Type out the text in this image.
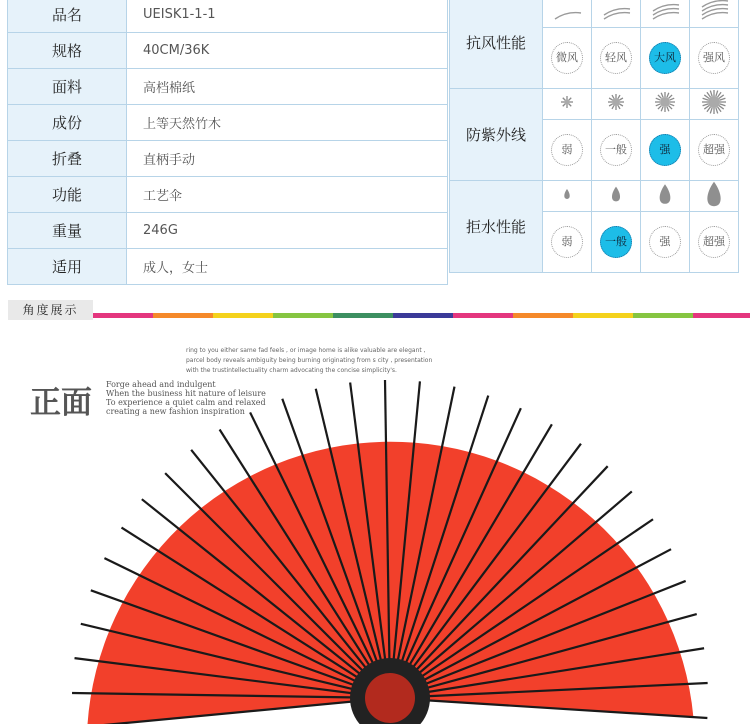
品名	UEISK1-1-1
规格	40CM/36K
面料	高档棉纸
成份	上等天然竹木
折叠	直柄手动
功能	工艺伞
重量	246G
适用	成人，女士
抗风性能				
	微风	轻风	大风	强风
防紫外线				
	弱	一般	强	超强
拒水性能				
	弱	一般	强	超强
角度展示
ring to you either same fad feels , or image home is alike valuable are elegant ,
parcel body reveals ambiguity being burning originating from s city , presentation
with the trustintellectuality charm advocating the concise simplicity's.
正面
Forge ahead and indulgent
When the business hit nature of leisure
To experience a quiet calm and relaxed
creating a new fashion inspiration
